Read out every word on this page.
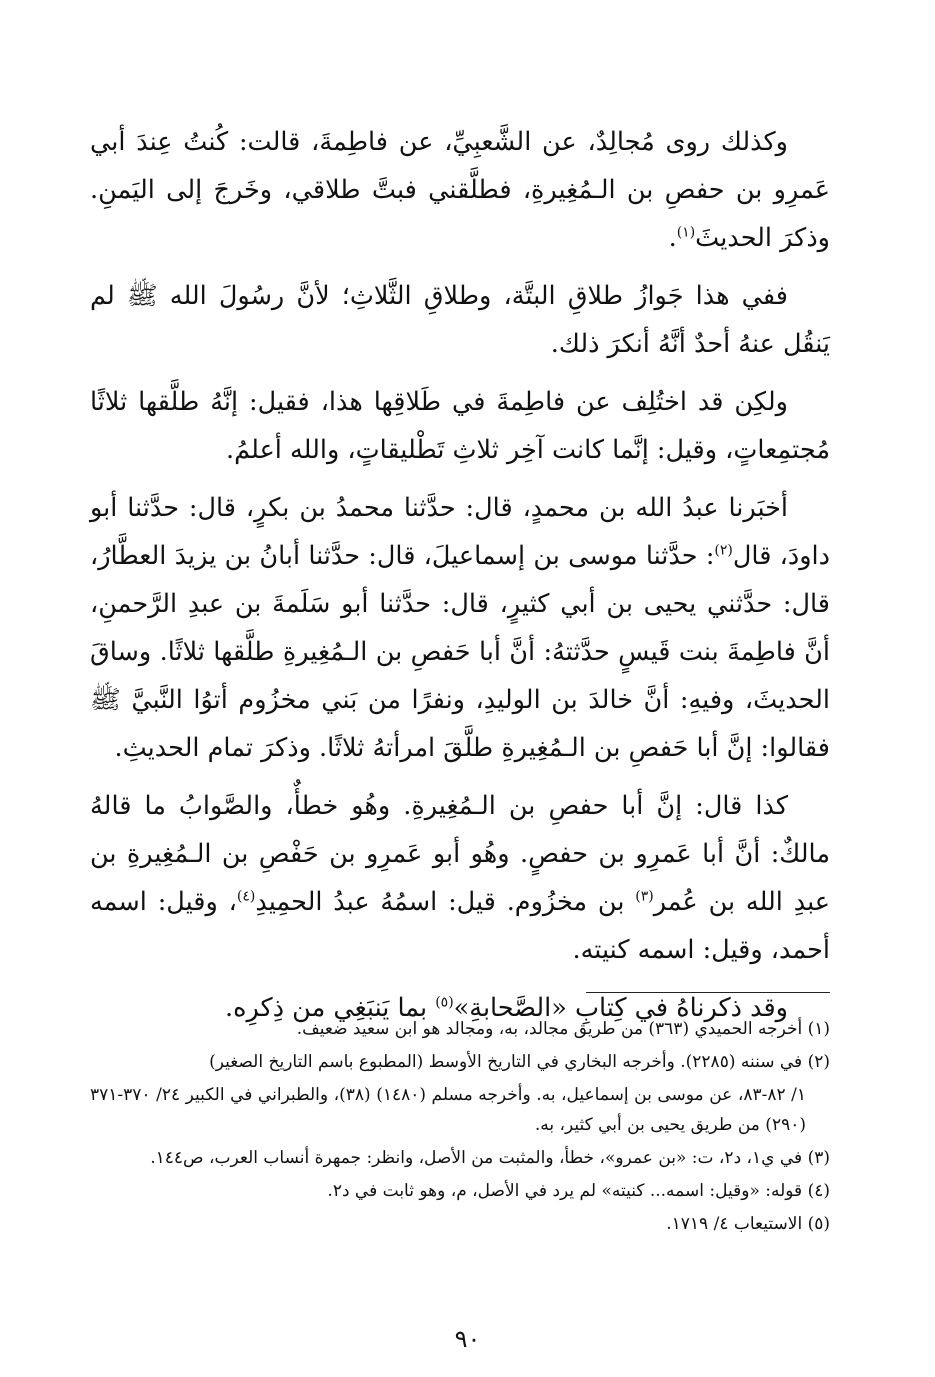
وكذلك روى مُجالِدٌ، عن الشَّعبِيِّ، عن فاطِمةَ، قالت: كُنتُ عِندَ أبي عَمرِو بن حفصِ بن الـمُغِيرةِ، فطلَّقني فبتَّ طلاقي، وخَرجَ إلى اليَمنِ. وذكرَ الحديثَ$^{(١)}$.

ففي هذا جَوازُ طلاقِ البتَّة، وطلاقِ الثَّلاثِ؛ لأنَّ رسُولَ الله ﷺ لم يَنقُل عنهُ أحدٌ أنَّهُ أنكرَ ذلك.

ولكِن قد اختُلِف عن فاطِمةَ في طَلاقِها هذا، فقيل: إنَّهُ طلَّقها ثلاثًا مُجتمِعاتٍ، وقيل: إنَّما كانت آخِر ثلاثِ تَطْليقاتٍ، والله أعلمُ.

أخبَرنا عبدُ الله بن محمدٍ، قال: حدَّثنا محمدُ بن بكرٍ، قال: حدَّثنا أبو داودَ، قال$^{(٢)}$: حدَّثنا موسى بن إسماعيلَ، قال: حدَّثنا أبانُ بن يزيدَ العطَّارُ، قال: حدَّثني يحيى بن أبي كثيرٍ، قال: حدَّثنا أبو سَلَمةَ بن عبدِ الرَّحمنِ، أنَّ فاطِمةَ بنت قَيسٍ حدَّثتهُ: أنَّ أبا حَفصِ بن الـمُغِيرةِ طلَّقها ثلاثًا. وساقَ الحديثَ، وفيهِ: أنَّ خالدَ بن الوليدِ، ونفرًا من بَني مخزُوم أتوُا النَّبيَّ ﷺ فقالوا: إنَّ أبا حَفصِ بن الـمُغِيرةِ طلَّقَ امرأتهُ ثلاثًا. وذكرَ تمام الحديثِ.

كذا قال: إنَّ أبا حفصِ بن الـمُغِيرةِ. وهُو خطأٌ، والصَّوابُ ما قالهُ مالكٌ: أنَّ أبا عَمرِو بن حفصٍ. وهُو أبو عَمرِو بن حَفْصِ بن الـمُغِيرةِ بن عبدِ الله بن عُمر$^{(٣)}$ بن مخزُوم. قيل: اسمُهُ عبدُ الحمِيدِ$^{(٤)}$، وقيل: اسمه أحمد، وقيل: اسمه كنيته.

وقد ذكرناهُ في كِتابِ «الصَّحابةِ»$^{(٥)}$ بما يَنبَغِي من ذِكرِه.

(١) أخرجه الحميدي (٣٦٣) من طريق مجالد، به، ومجالد هو ابن سعيد ضعيف.

(٢) في سننه (٢٢٨٥). وأخرجه البخاري في التاريخ الأوسط (المطبوع باسم التاريخ الصغير)

١/ ٨٢-٨٣، عن موسى بن إسماعيل، به. وأخرجه مسلم (١٤٨٠) (٣٨)، والطبراني في الكبير ٢٤/ ٣٧٠-٣٧١ (٢٩٠) من طريق يحيى بن أبي كثير، به.

(٣) في ي١، د٢، ت: «بن عمرو»، خطأ، والمثبت من الأصل، وانظر: جمهرة أنساب العرب، ص١٤٤.

(٤) قوله: «وقيل: اسمه... كنيته» لم يرد في الأصل، م، وهو ثابت في د٢.

(٥) الاستيعاب ٤/ ١٧١٩.

٩٠
